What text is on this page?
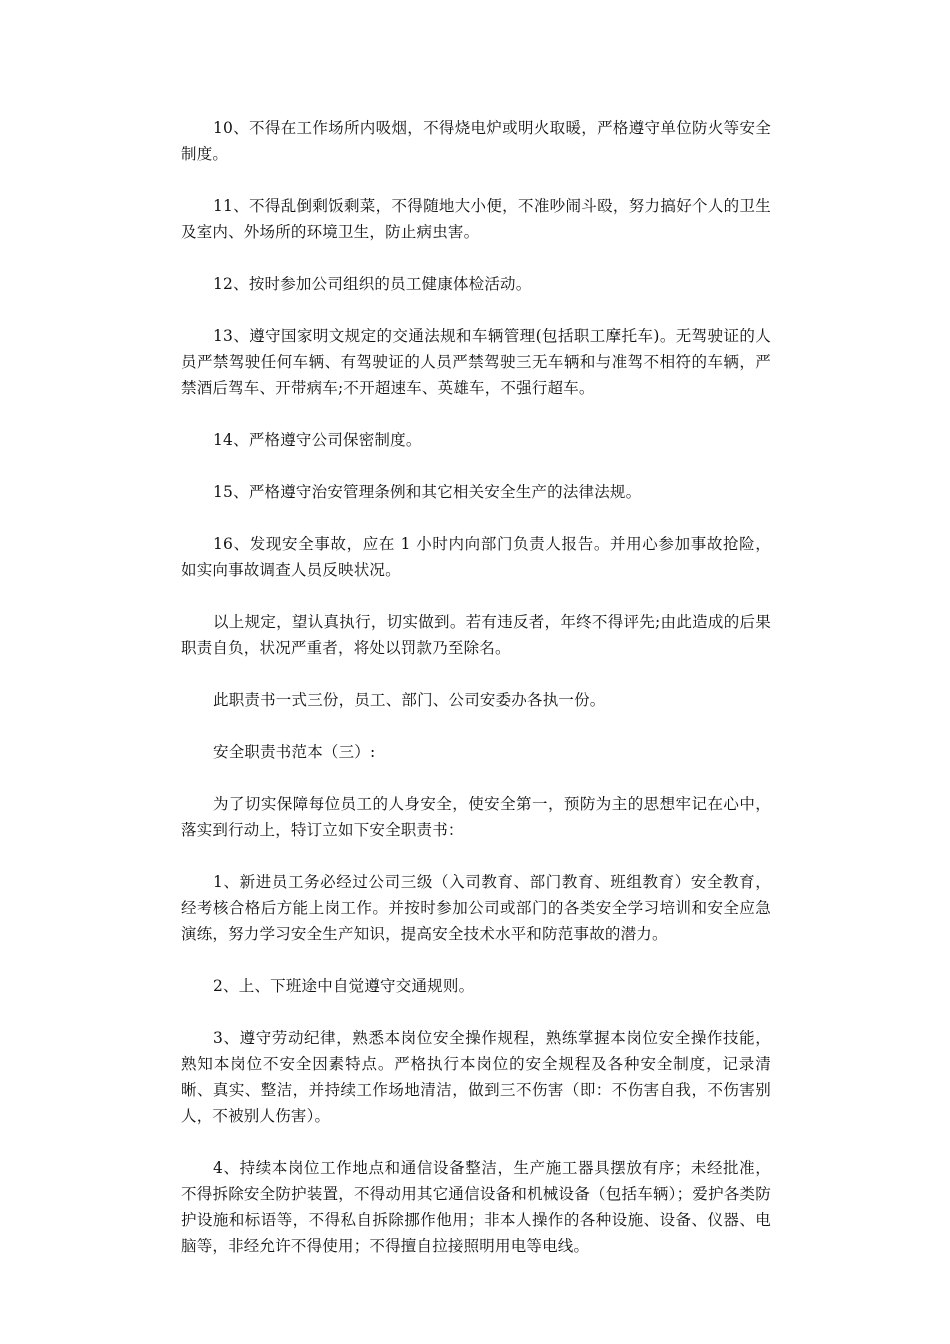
10、不得在工作场所内吸烟，不得烧电炉或明火取暖，严格遵守单位防火等安全制度。

11、不得乱倒剩饭剩菜，不得随地大小便，不准吵闹斗殴，努力搞好个人的卫生及室内、外场所的环境卫生，防止病虫害。

12、按时参加公司组织的员工健康体检活动。

13、遵守国家明文规定的交通法规和车辆管理(包括职工摩托车)。无驾驶证的人员严禁驾驶任何车辆、有驾驶证的人员严禁驾驶三无车辆和与准驾不相符的车辆，严禁酒后驾车、开带病车;不开超速车、英雄车，不强行超车。

14、严格遵守公司保密制度。

15、严格遵守治安管理条例和其它相关安全生产的法律法规。

16、发现安全事故，应在 1 小时内向部门负责人报告。并用心参加事故抢险，如实向事故调查人员反映状况。

以上规定，望认真执行，切实做到。若有违反者，年终不得评先;由此造成的后果职责自负，状况严重者，将处以罚款乃至除名。

此职责书一式三份，员工、部门、公司安委办各执一份。

安全职责书范本（三）:

为了切实保障每位员工的人身安全，使安全第一，预防为主的思想牢记在心中，落实到行动上，特订立如下安全职责书：

1、新进员工务必经过公司三级（入司教育、部门教育、班组教育）安全教育，经考核合格后方能上岗工作。并按时参加公司或部门的各类安全学习培训和安全应急演练，努力学习安全生产知识，提高安全技术水平和防范事故的潜力。

2、上、下班途中自觉遵守交通规则。

3、遵守劳动纪律，熟悉本岗位安全操作规程，熟练掌握本岗位安全操作技能，熟知本岗位不安全因素特点。严格执行本岗位的安全规程及各种安全制度，记录清晰、真实、整洁，并持续工作场地清洁，做到三不伤害（即：不伤害自我，不伤害别人，不被别人伤害）。

4、持续本岗位工作地点和通信设备整洁，生产施工器具摆放有序；未经批准，不得拆除安全防护装置，不得动用其它通信设备和机械设备（包括车辆）；爱护各类防护设施和标语等，不得私自拆除挪作他用；非本人操作的各种设施、设备、仪器、电脑等，非经允许不得使用；不得擅自拉接照明用电等电线。
